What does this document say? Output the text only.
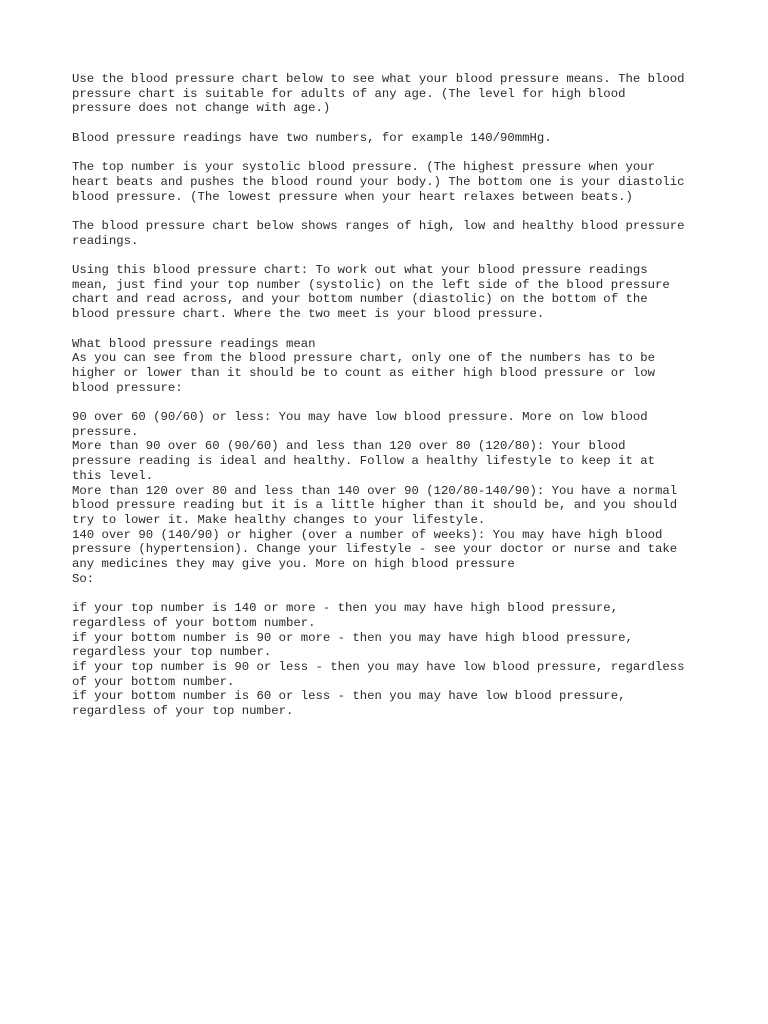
Use the blood pressure chart below to see what your blood pressure means. The blood
pressure chart is suitable for adults of any age. (The level for high blood
pressure does not change with age.)

Blood pressure readings have two numbers, for example 140/90mmHg.

The top number is your systolic blood pressure. (The highest pressure when your
heart beats and pushes the blood round your body.) The bottom one is your diastolic
blood pressure. (The lowest pressure when your heart relaxes between beats.)

The blood pressure chart below shows ranges of high, low and healthy blood pressure
readings.

Using this blood pressure chart: To work out what your blood pressure readings
mean, just find your top number (systolic) on the left side of the blood pressure
chart and read across, and your bottom number (diastolic) on the bottom of the
blood pressure chart. Where the two meet is your blood pressure.

What blood pressure readings mean

As you can see from the blood pressure chart, only one of the numbers has to be
higher or lower than it should be to count as either high blood pressure or low
blood pressure:

90 over 60 (90/60) or less: You may have low blood pressure. More on low blood
pressure.

More than 90 over 60 (90/60) and less than 120 over 80 (120/80): Your blood
pressure reading is ideal and healthy. Follow a healthy lifestyle to keep it at
this level.

More than 120 over 80 and less than 140 over 90 (120/80-140/90): You have a normal
blood pressure reading but it is a little higher than it should be, and you should
try to lower it. Make healthy changes to your lifestyle.

140 over 90 (140/90) or higher (over a number of weeks): You may have high blood
pressure (hypertension). Change your lifestyle - see your doctor or nurse and take
any medicines they may give you. More on high blood pressure

So:

if your top number is 140 or more - then you may have high blood pressure,
regardless of your bottom number.

if your bottom number is 90 or more - then you may have high blood pressure,
regardless your top number.

if your top number is 90 or less - then you may have low blood pressure, regardless
of your bottom number.

if your bottom number is 60 or less - then you may have low blood pressure,
regardless of your top number.
